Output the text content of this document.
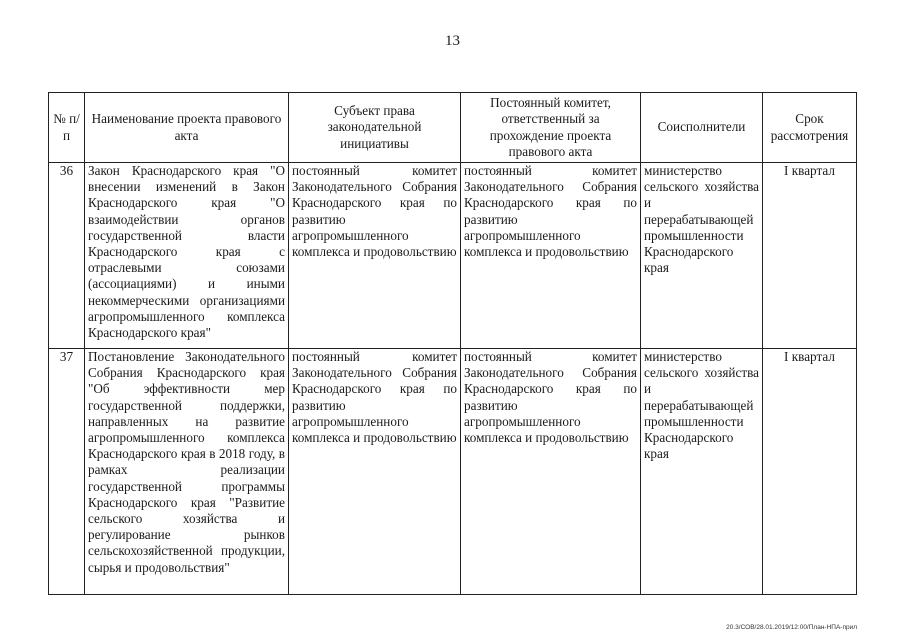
13
№ п/п	Наименование проекта правового акта	Субъект права законодательной инициативы	Постоянный комитет, ответственный за прохождение проекта правового акта	Соисполнители	Срок рассмотрения
36	Закон Краснодарского края "О внесении изменений в Закон Краснодарского края "О взаимодействии органов государственной власти Краснодарского края с отраслевыми союзами (ассоциациями) и иными некоммерческими организациями агропромышленного комплекса Краснодарского края"	постоянный комитет Законодательного Собрания Краснодарского края по развитию агропромышленного комплекса и продовольствию	постоянный комитет Законодательного Собрания Краснодарского края по развитию агропромышленного комплекса и продовольствию	министерство сельского хозяйства и перерабатывающей промышленности Краснодарского края	I квартал
37	Постановление Законодательного Собрания Краснодарского края "Об эффективности мер государственной поддержки, направленных на развитие агропромышленного комплекса Краснодарского края в 2018 году, в рамках реализации государственной программы Краснодарского края "Развитие сельского хозяйства и регулирование рынков сельскохозяйственной продукции, сырья и продовольствия"	постоянный комитет Законодательного Собрания Краснодарского края по развитию агропромышленного комплекса и продовольствию	постоянный комитет Законодательного Собрания Краснодарского края по развитию агропромышленного комплекса и продовольствию	министерство сельского хозяйства и перерабатывающей промышленности Краснодарского края	I квартал
20.3/СОВ/28.01.2019/12:00/План-НПА-прил
